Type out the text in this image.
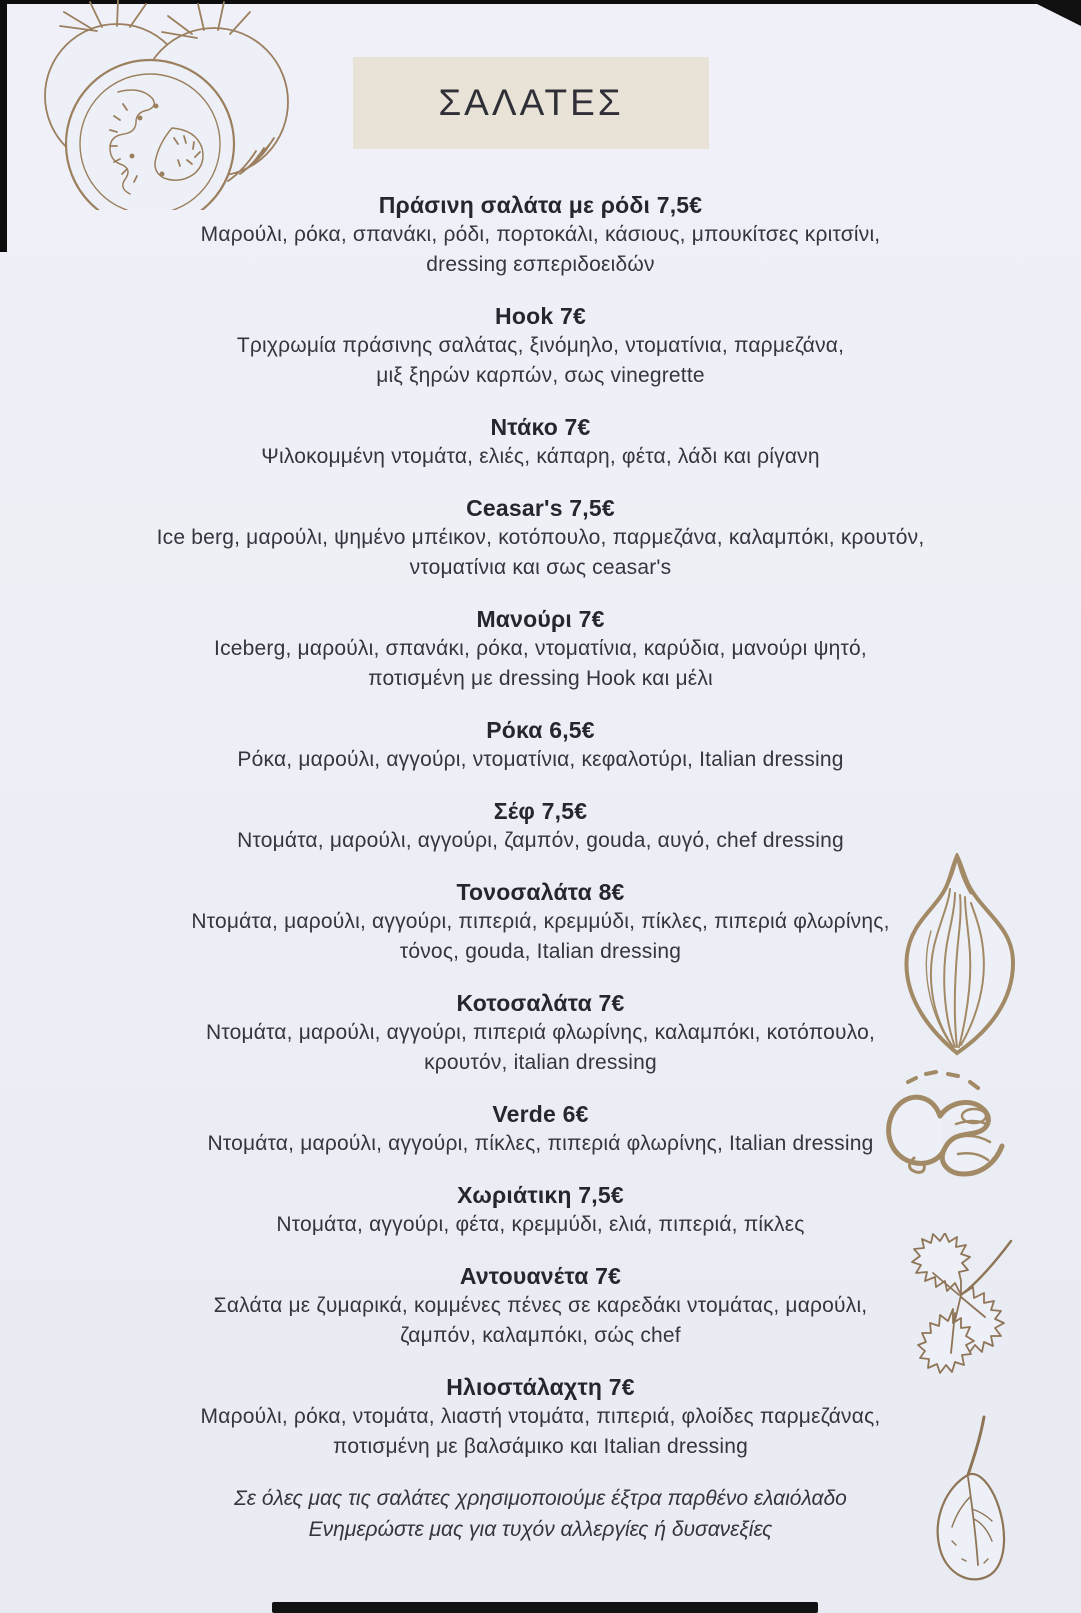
ΣΑΛΑΤΕΣ
Πράσινη σαλάτα με ρόδι 7,5€
Μαρούλι, ρόκα, σπανάκι, ρόδι, πορτοκάλι, κάσιους, μπουκίτσες κριτσίνι,
dressing εσπεριδοειδών
Hook 7€
Τριχρωμία πράσινης σαλάτας, ξινόμηλο, ντοματίνια, παρμεζάνα,
μιξ ξηρών καρπών, σως vinegrette
Ντάκο 7€
Ψιλοκομμένη ντομάτα, ελιές, κάπαρη, φέτα, λάδι και ρίγανη
Ceasar's 7,5€
Ice berg, μαρούλι, ψημένο μπέικον, κοτόπουλο, παρμεζάνα, καλαμπόκι, κρουτόν,
ντοματίνια και σως ceasar's
Μανούρι 7€
Iceberg, μαρούλι, σπανάκι, ρόκα, ντοματίνια, καρύδια, μανούρι ψητό,
ποτισμένη με dressing Hook και μέλι
Ρόκα 6,5€
Ρόκα, μαρούλι, αγγούρι, ντοματίνια, κεφαλοτύρι, Italian dressing
Σέφ 7,5€
Ντομάτα, μαρούλι, αγγούρι, ζαμπόν, gouda, αυγό, chef dressing
Τονοσαλάτα 8€
Ντομάτα, μαρούλι, αγγούρι, πιπεριά, κρεμμύδι, πίκλες, πιπεριά φλωρίνης,
τόνος, gouda, Italian dressing
Κοτοσαλάτα 7€
Ντομάτα, μαρούλι, αγγούρι, πιπεριά φλωρίνης, καλαμπόκι, κοτόπουλο,
κρουτόν, italian dressing
Verde 6€
Ντομάτα, μαρούλι, αγγούρι, πίκλες, πιπεριά φλωρίνης, Italian dressing
Χωριάτικη 7,5€
Ντομάτα, αγγούρι, φέτα, κρεμμύδι, ελιά, πιπεριά, πίκλες
Αντουανέτα 7€
Σαλάτα με ζυμαρικά, κομμένες πένες σε καρεδάκι ντομάτας, μαρούλι,
ζαμπόν, καλαμπόκι, σώς chef
Ηλιοστάλαχτη 7€
Μαρούλι, ρόκα, ντομάτα, λιαστή ντομάτα, πιπεριά, φλοίδες παρμεζάνας,
ποτισμένη με βαλσάμικο και Italian dressing
Σε όλες μας τις σαλάτες χρησιμοποιούμε έξτρα παρθένο ελαιόλαδο
Ενημερώστε μας για τυχόν αλλεργίες ή δυσανεξίες
